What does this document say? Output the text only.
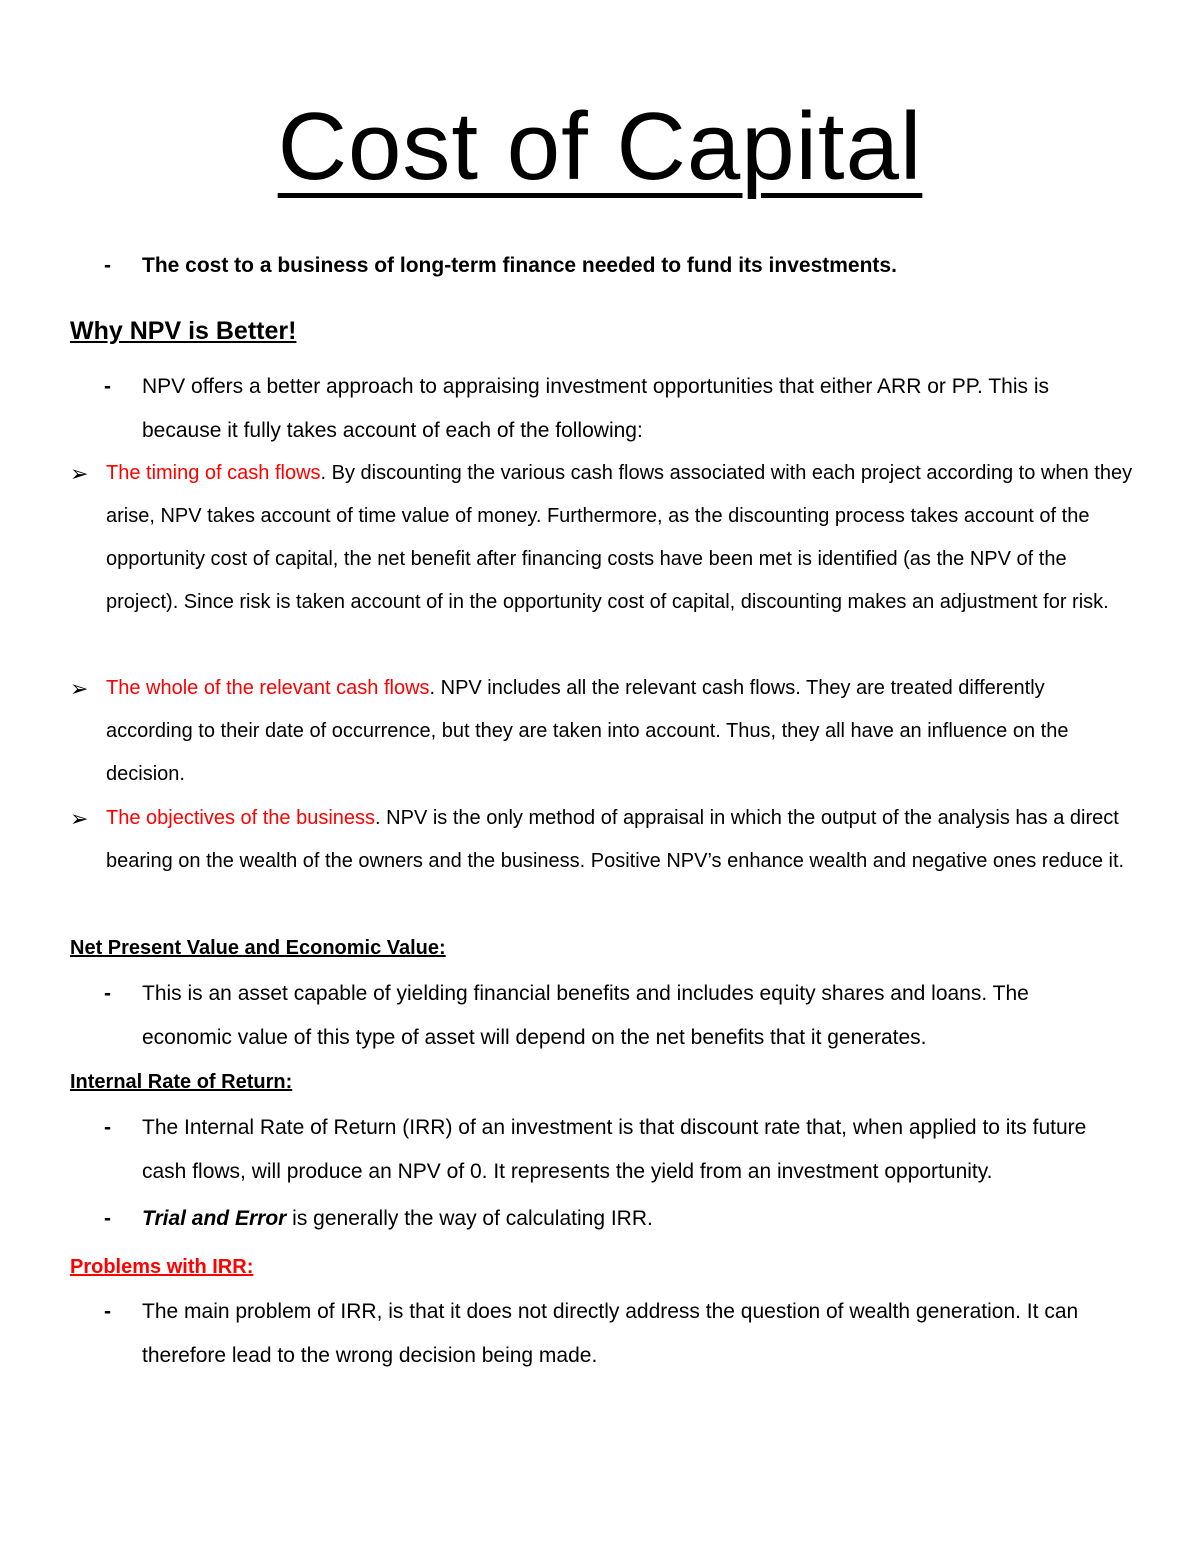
Cost of Capital
- The cost to a business of long-term finance needed to fund its investments.
Why NPV is Better!
- NPV offers a better approach to appraising investment opportunities that either ARR or PP. This is because it fully takes account of each of the following:
➢ The timing of cash flows. By discounting the various cash flows associated with each project according to when they arise, NPV takes account of time value of money. Furthermore, as the discounting process takes account of the opportunity cost of capital, the net benefit after financing costs have been met is identified (as the NPV of the project). Since risk is taken account of in the opportunity cost of capital, discounting makes an adjustment for risk.
➢ The whole of the relevant cash flows. NPV includes all the relevant cash flows. They are treated differently according to their date of occurrence, but they are taken into account. Thus, they all have an influence on the decision.
➢ The objectives of the business. NPV is the only method of appraisal in which the output of the analysis has a direct bearing on the wealth of the owners and the business. Positive NPV’s enhance wealth and negative ones reduce it.
Net Present Value and Economic Value:
- This is an asset capable of yielding financial benefits and includes equity shares and loans. The economic value of this type of asset will depend on the net benefits that it generates.
Internal Rate of Return:
- The Internal Rate of Return (IRR) of an investment is that discount rate that, when applied to its future cash flows, will produce an NPV of 0. It represents the yield from an investment opportunity.
- Trial and Error is generally the way of calculating IRR.
Problems with IRR:
- The main problem of IRR, is that it does not directly address the question of wealth generation. It can therefore lead to the wrong decision being made.
